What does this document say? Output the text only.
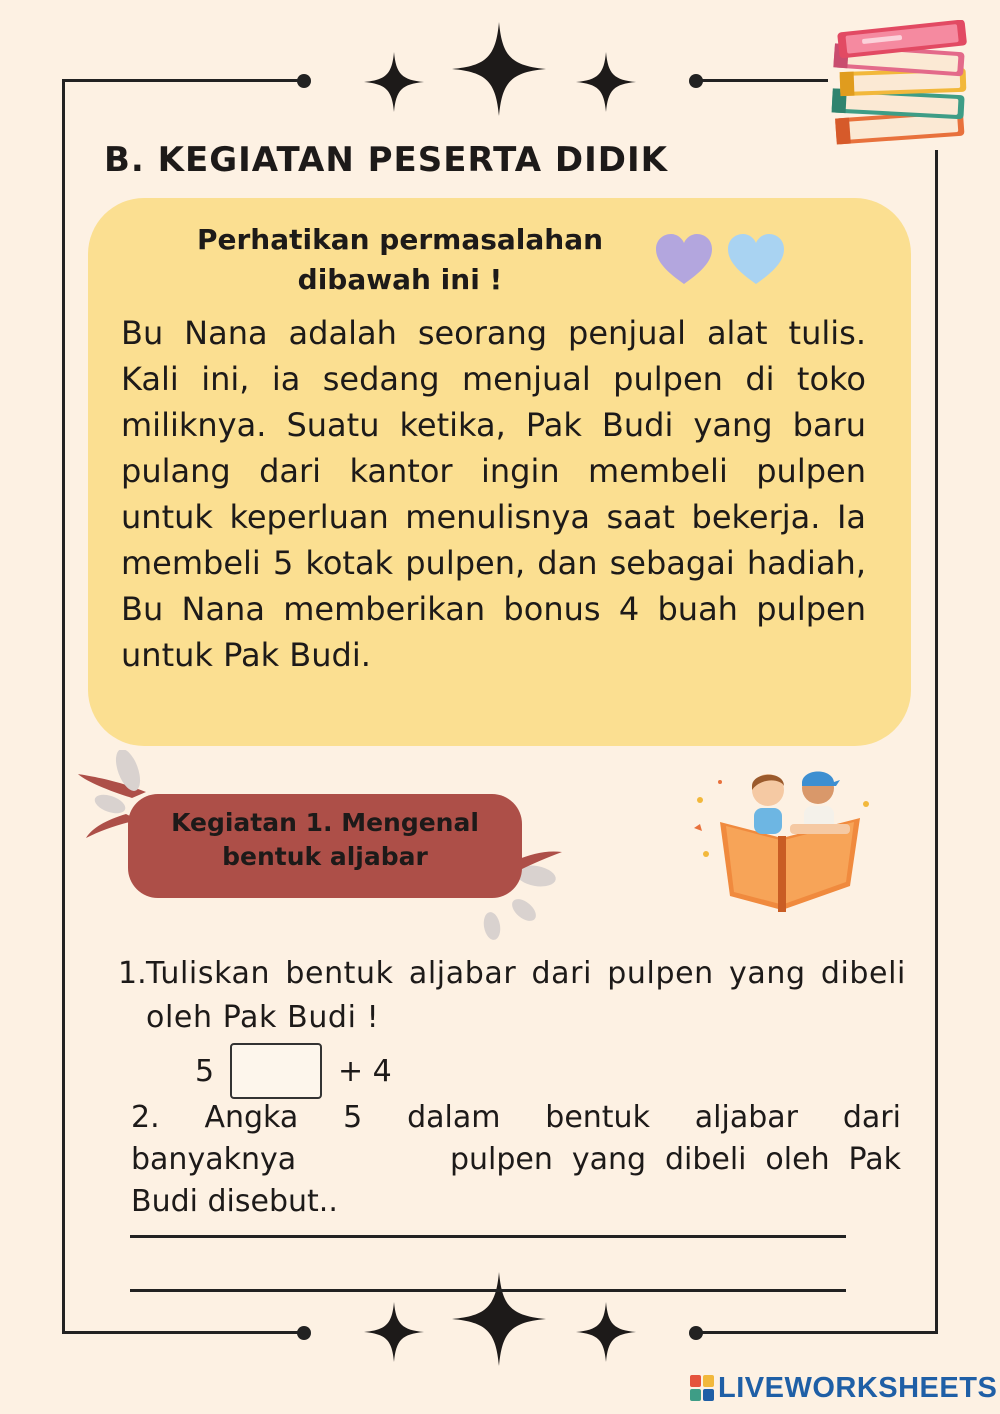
B. KEGIATAN PESERTA DIDIK
Perhatikan permasalahan dibawah ini !
Bu Nana adalah seorang penjual alat tulis. Kali ini, ia sedang menjual pulpen di toko miliknya. Suatu ketika, Pak Budi yang baru pulang dari kantor ingin membeli pulpen untuk keperluan menulisnya saat bekerja. Ia membeli 5 kotak pulpen, dan sebagai hadiah, Bu Nana memberikan bonus 4 buah pulpen untuk Pak Budi.
Kegiatan 1. Mengenal bentuk aljabar
1. Tuliskan bentuk aljabar dari pulpen yang dibeli oleh Pak Budi !
5	+ 4
2. Angka 5 dalam bentuk aljabar dari
banyaknya	pulpen yang dibeli oleh Pak
Budi disebut..
LIVEWORKSHEETS
